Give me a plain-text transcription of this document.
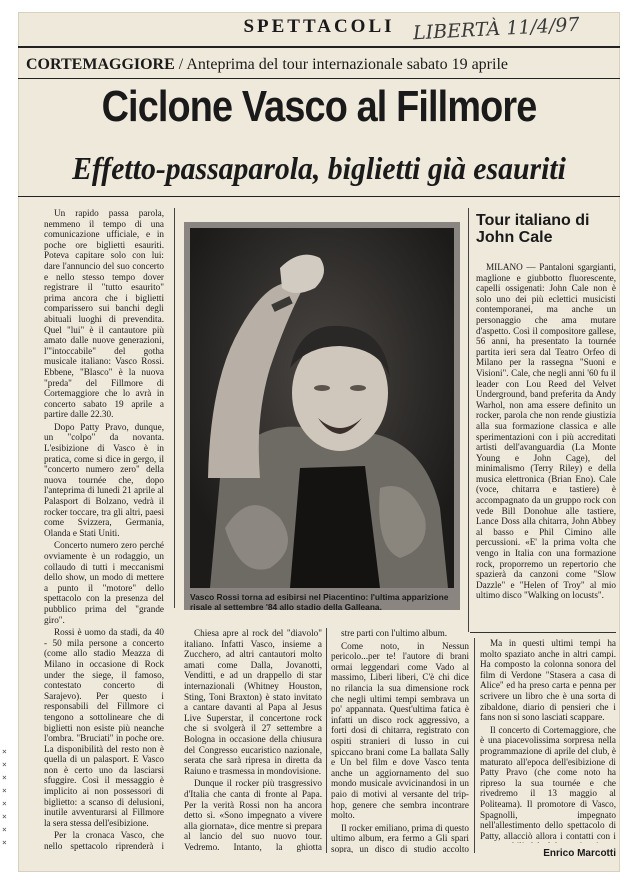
SPETTACOLI LIBERTÀ 11/4/97
CORTEMAGGIORE / Anteprima del tour internazionale sabato 19 aprile
Ciclone Vasco al Fillmore
Effetto-passaparola, biglietti già esauriti

Un rapido passa parola, nemmeno il tempo di una comunicazione ufficiale, e in poche ore biglietti esauriti. Poteva capitare solo con lui: dare l'annuncio del suo concerto e nello stesso tempo dover registrare il "tutto esaurito" prima ancora che i biglietti comparissero sui banchi degli abituali luoghi di prevendita. Quel "lui" è il cantautore più amato dalle nuove generazioni, l'"intoccabile" del gotha musicale italiano: Vasco Rossi. Ebbene, "Blasco" è la nuova "preda" del Fillmore di Cortemaggiore che lo avrà in concerto sabato 19 aprile a partire dalle 22.30.

Dopo Patty Pravo, dunque, un "colpo" da novanta. L'esibizione di Vasco è in pratica, come si dice in gergo, il "concerto numero zero" della nuova tournée che, dopo l'anteprima di lunedì 21 aprile al Palasport di Bolzano, vedrà il rocker toccare, tra gli altri, paesi come Svizzera, Germania, Olanda e Stati Uniti.

Concerto numero zero perché ovviamente è un rodaggio, un collaudo di tutti i meccanismi dello show, un modo di mettere a punto il "motore" dello spettacolo con la presenza del pubblico prima del "grande giro".

Rossi è uomo da stadi, da 40 - 50 mila persone a concerto (come allo stadio Meazza di Milano in occasione di Rock under the siege, il famoso, contestato concerto di Sarajevo). Per questo i responsabili del Fillmore ci tengono a sottolineare che di biglietti non esiste più neanche l'ombra. "Bruciati" in poche ore. La disponibilità del resto non è quella di un palasport. E Vasco non è certo uno da lasciarsi sfuggire. Così il messaggio è implicito ai non possessori di biglietto: a scanso di delusioni, inutile avventurarsi al Fillmore la sera stessa dell'esibizione.

Per la cronaca Vasco, che nello spettacolo riprenderà i

Vasco Rossi torna ad esibirsi nel Piacentino: l'ultima apparizione risale al settembre '84 allo stadio della Galleana.
Tour italiano di John Cale

MILANO — Pantaloni sgargianti, maglione e giubbotto fluorescente, capelli ossigenati: John Cale non è solo uno dei più eclettici musicisti contemporanei, ma anche un personaggio che ama mutare d'aspetto. Così il compositore gallese, 56 anni, ha presentato la tournée partita ieri sera dal Teatro Orfeo di Milano per la rassegna "Suoni e Visioni". Cale, che negli anni '60 fu il leader con Lou Reed del Velvet Underground, band preferita da Andy Warhol, non ama essere definito un rocker, parola che non rende giustizia alla sua formazione classica e alle sperimentazioni con i più accreditati artisti dell'avanguardia (La Monte Young e John Cage), del minimalismo (Terry Riley) e della musica elettronica (Brian Eno). Cale (voce, chitarra e tastiere) è accompagnato da un gruppo rock con vede Bill Donohue alle tastiere, Lance Doss alla chitarra, John Abbey al basso e Phil Cimino alle percussioni. «E' la prima volta che vengo in Italia con una formazione rock, proporremo un repertorio che spazierà da canzoni come "Slow Dazzle" e "Helen of Troy" al mio ultimo disco "Walking on locusts".

Chiesa apre al rock del "diavolo" italiano. Infatti Vasco, insieme a Zucchero, ad altri cantautori molto amati come Dalla, Jovanotti, Venditti, e ad un drappello di star internazionali (Whitney Houston, Sting, Toni Braxton) è stato invitato a cantare davanti al Papa al Jesus Live Superstar, il concertone rock che si svolgerà il 27 settembre a Bologna in occasione della chiusura del Congresso eucaristico nazionale, serata che sarà ripresa in diretta da Raiuno e trasmessa in mondovisione.

Dunque il rocker più trasgressivo d'Italia che canta di fronte al Papa. Per la verità Rossi non ha ancora detto sì. «Sono impegnato a vivere alla giornata», dice mentre si prepara al lancio del suo nuovo tour. Vedremo. Intanto, la ghiotta

stre parti con l'ultimo album.

Come noto, in Nessun pericolo...per te! l'autore di brani ormai leggendari come Vado al massimo, Liberi liberi, C'è chi dice no rilancia la sua dimensione rock che negli ultimi tempi sembrava un po' appannata. Quest'ultima fatica è infatti un disco rock aggressivo, a forti dosi di chitarra, registrato con ospiti stranieri di lusso in cui spiccano brani come La ballata Sally e Un bel film e dove Vasco tenta anche un aggiornamento del suo mondo musicale avvicinandosi in un paio di motivi al versante del trip-hop, genere che sembra incontrare molto.

Il rocker emiliano, prima di questo ultimo album, era fermo a Gli spari sopra, un disco di studio accolto

Ma in questi ultimi tempi ha molto spaziato anche in altri campi. Ha composto la colonna sonora del film di Verdone "Stasera a casa di Alice" ed ha preso carta e penna per scrivere un libro che è una sorta di zibaldone, diario di pensieri che i fans non si sono lasciati scappare.

Il concerto di Cortemaggiore, che è una piacevolissima sorpresa nella programmazione di aprile del club, è maturato all'epoca dell'esibizione di Patty Pravo (che come noto ha ripreso la sua tournée e che rivedremo il 13 maggio al Politeama). Il promotore di Vasco, Spagnolli, impegnato nell'allestimento dello spettacolo di Patty, allacciò allora i contatti con i

Enrico Marcotti
× × × × × × × ×
